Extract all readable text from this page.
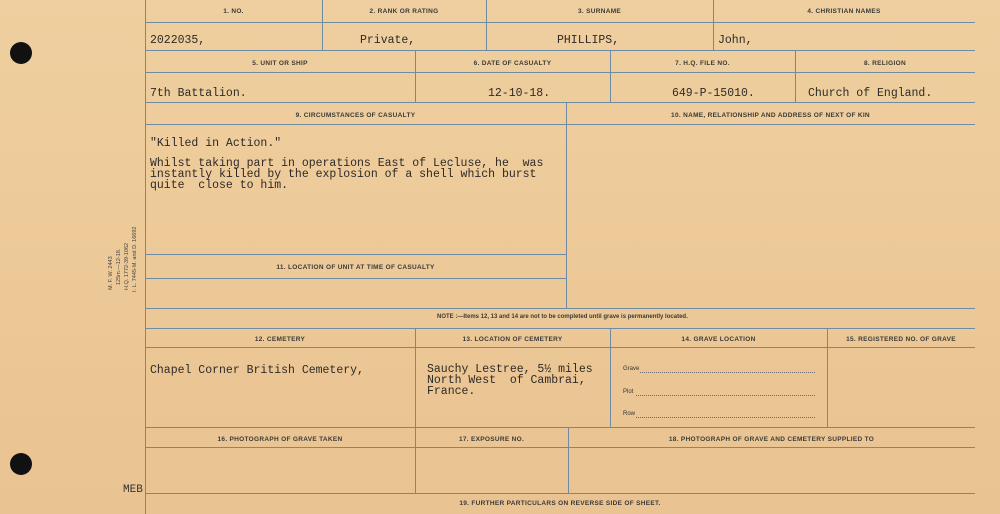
M. F. W. 2443 125m.—12-18. H.Q. 1772-39-1062 I. L. 7445-M. and D. 16692
MEB
1. NO.	2. RANK OR RATING	3. SURNAME	4. CHRISTIAN NAMES
2022035,	Private,	PHILLIPS,	John,
5. UNIT OR SHIP	6. DATE OF CASUALTY	7. H.Q. FILE NO.	8. RELIGION
7th Battalion.	12-10-18.	649-P-15010.	Church of England.
9. CIRCUMSTANCES OF CASUALTY	10. NAME, RELATIONSHIP AND ADDRESS OF NEXT OF KIN
"Killed in Action."
Whilst taking part in operations East of Lecluse, he  was
instantly killed by the explosion of a shell which burst
quite  close to him.
11. LOCATION OF UNIT AT TIME OF CASUALTY
NOTE :—Items 12, 13 and 14 are not to be completed until grave is permanently located.
12. CEMETERY	13. LOCATION OF CEMETERY	14. GRAVE LOCATION	15. REGISTERED NO. OF GRAVE
Chapel Corner British Cemetery,	Sauchy Lestree, 5½ miles
North West  of Cambrai,
France.
Grave
Plot
Row
16. PHOTOGRAPH OF GRAVE TAKEN	17. EXPOSURE NO.	18. PHOTOGRAPH OF GRAVE AND CEMETERY SUPPLIED TO
19. FURTHER PARTICULARS ON REVERSE SIDE OF SHEET.
